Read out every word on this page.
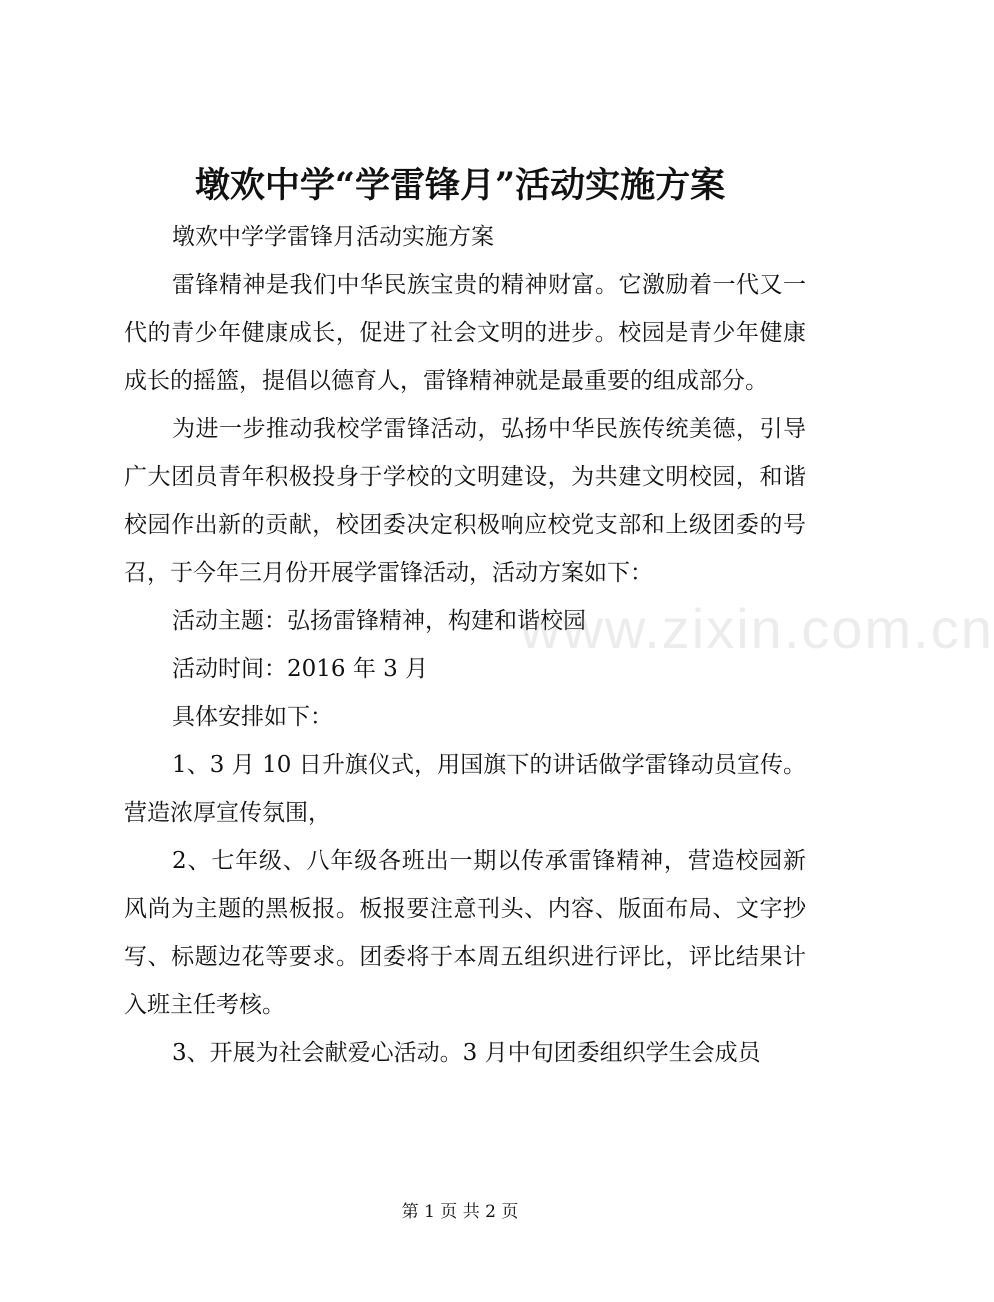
墩欢中学“学雷锋月”活动实施方案

墩欢中学学雷锋月活动实施方案

雷锋精神是我们中华民族宝贵的精神财富。它激励着一代又一代的青少年健康成长，促进了社会文明的进步。校园是青少年健康成长的摇篮，提倡以德育人，雷锋精神就是最重要的组成部分。

为进一步推动我校学雷锋活动，弘扬中华民族传统美德，引导广大团员青年积极投身于学校的文明建设，为共建文明校园，和谐校园作出新的贡献，校团委决定积极响应校党支部和上级团委的号召，于今年三月份开展学雷锋活动，活动方案如下：

活动主题：弘扬雷锋精神，构建和谐校园

活动时间：2016 年 3 月

具体安排如下：

1、3 月 10 日升旗仪式，用国旗下的讲话做学雷锋动员宣传。营造浓厚宣传氛围，

2、七年级、八年级各班出一期以传承雷锋精神，营造校园新风尚为主题的黑板报。板报要注意刊头、内容、版面布局、文字抄写、标题边花等要求。团委将于本周五组织进行评比，评比结果计入班主任考核。

3、开展为社会献爱心活动。3 月中旬团委组织学生会成员

www.zixin.com.cn
第 1 页 共 2 页
